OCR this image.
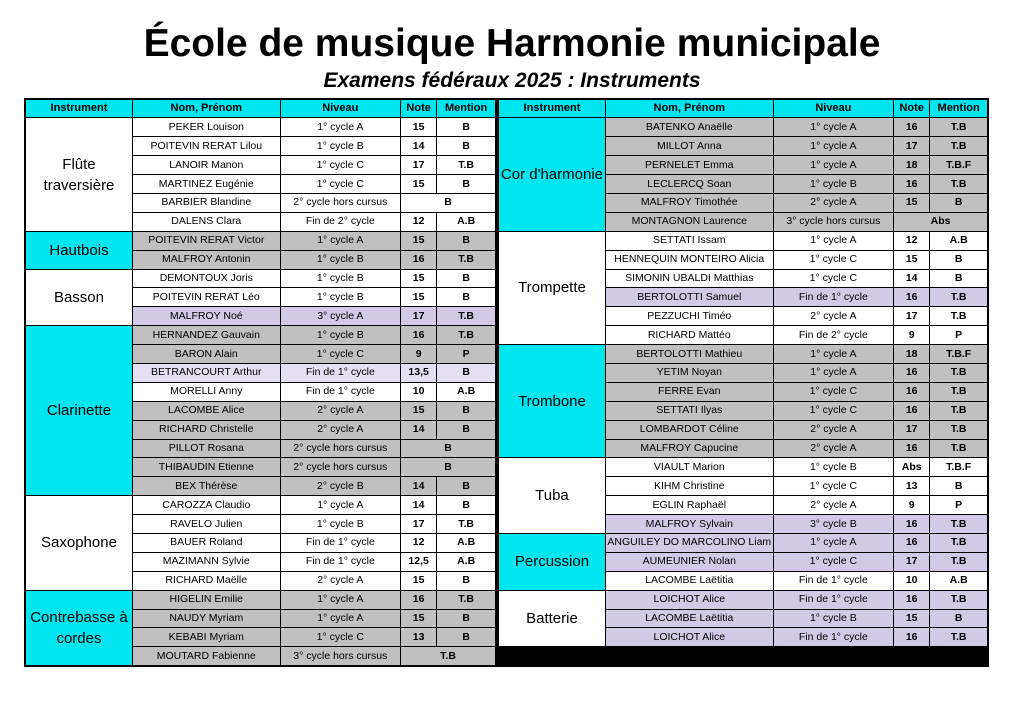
École de musique Harmonie municipale
Examens fédéraux 2025 : Instruments
Instrument	Nom, Prénom	Niveau	Note	Mention
Flûte traversière	PEKER Louison	1° cycle A	15	B
	POITEVIN RERAT Lilou	1° cycle B	14	B
	LANOIR Manon	1° cycle C	17	T.B
	MARTINEZ Eugénie	1° cycle C	15	B
	BARBIER Blandine	2° cycle hors cursus	B	
	DALENS Clara	Fin de 2° cycle	12	A.B
Hautbois	POITEVIN RERAT Victor	1° cycle A	15	B
	MALFROY Antonin	1° cycle B	16	T.B
Basson	DEMONTOUX Joris	1° cycle B	15	B
	POITEVIN RERAT Léo	1° cycle B	15	B
	MALFROY Noé	3° cycle A	17	T.B
Clarinette	HERNANDEZ Gauvain	1° cycle B	16	T.B
	BARON Alain	1° cycle C	9	P
	BETRANCOURT Arthur	Fin de 1° cycle	13,5	B
	MORELLI Anny	Fin de 1° cycle	10	A.B
	LACOMBE Alice	2° cycle A	15	B
	RICHARD Christelle	2° cycle A	14	B
	PILLOT Rosana	2° cycle hors cursus	B	
	THIBAUDIN Etienne	2° cycle hors cursus	B	
	BEX Thérèse	2° cycle B	14	B
Saxophone	CAROZZA Claudio	1° cycle A	14	B
	RAVELO Julien	1° cycle B	17	T.B
	BAUER Roland	Fin de 1° cycle	12	A.B
	MAZIMANN Sylvie	Fin de 1° cycle	12,5	A.B
	RICHARD Maëlle	2° cycle A	15	B
Contrebasse à cordes	HIGELIN Emilie	1° cycle A	16	T.B
	NAUDY Myriam	1° cycle A	15	B
	KEBABI Myriam	1° cycle C	13	B
	MOUTARD Fabienne	3° cycle hors cursus	T.B	
Instrument	Nom, Prénom	Niveau	Note	Mention
Cor d'harmonie	BATENKO Anaëlle	1° cycle A	16	T.B
	MILLOT Anna	1° cycle A	17	T.B
	PERNELET Emma	1° cycle A	18	T.B.F
	LECLERCQ Soan	1° cycle B	16	T.B
	MALFROY Timothée	2° cycle A	15	B
	MONTAGNON Laurence	3° cycle hors cursus	Abs	
Trompette	SETTATI Issam	1° cycle A	12	A.B
	HENNEQUIN MONTEIRO Alicia	1° cycle C	15	B
	SIMONIN UBALDI Matthias	1° cycle C	14	B
	BERTOLOTTI Samuel	Fin de 1° cycle	16	T.B
	PEZZUCHI Timéo	2° cycle A	17	T.B
	RICHARD Mattéo	Fin de 2° cycle	9	P
Trombone	BERTOLOTTI Mathieu	1° cycle A	18	T.B.F
	YETIM Noyan	1° cycle A	16	T.B
	FERRE Evan	1° cycle C	16	T.B
	SETTATI Ilyas	1° cycle C	16	T.B
	LOMBARDOT Céline	2° cycle A	17	T.B
	MALFROY Capucine	2° cycle A	16	T.B
Tuba	VIAULT Marion	1° cycle B	Abs	T.B.F
	KIHM Christine	1° cycle C	13	B
	EGLIN Raphaël	2° cycle A	9	P
	MALFROY Sylvain	3° cycle B	16	T.B
Percussion	ANGUILEY DO MARCOLINO Liam	1° cycle A	16	T.B
	AUMEUNIER Nolan	1° cycle C	17	T.B
	LACOMBE Laëtitia	Fin de 1° cycle	10	A.B
Batterie	LOICHOT Alice	Fin de 1° cycle	16	T.B
	LACOMBE Laëtitia	1° cycle B	15	B
	LOICHOT Alice	Fin de 1° cycle	16	T.B
